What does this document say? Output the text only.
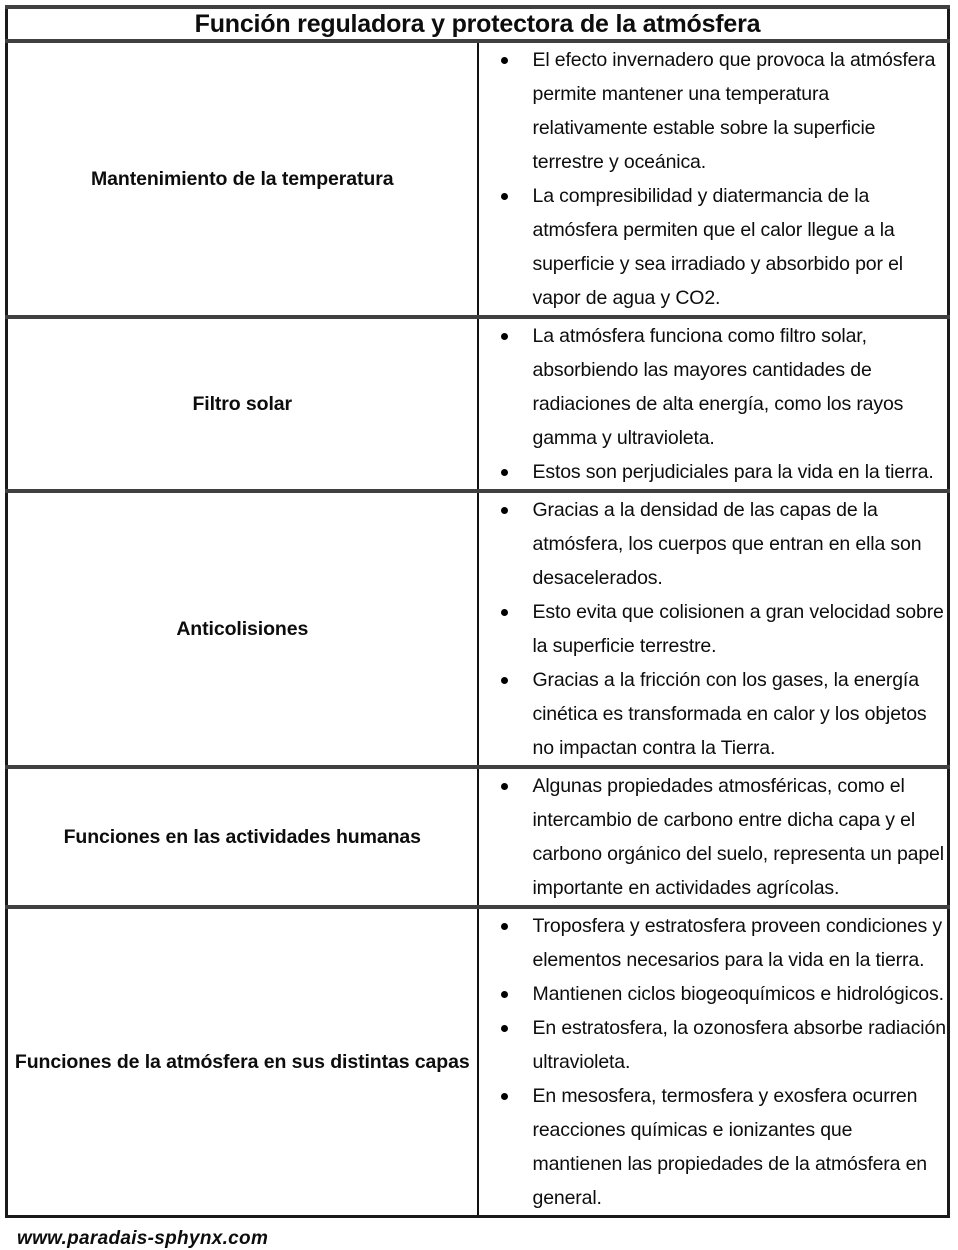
Función reguladora y protectora de la atmósfera	

Mantenimiento de la temperatura

El efecto invernadero que provoca la atmósfera permite mantener una temperatura relativamente estable sobre la superficie terrestre y oceánica.
La compresibilidad y diatermancia de la atmósfera permiten que el calor llegue a la superficie y sea irradiado y absorbido por el vapor de agua y CO2.

Filtro solar

La atmósfera funciona como filtro solar, absorbiendo las mayores cantidades de radiaciones de alta energía, como los rayos gamma y ultravioleta.
Estos son perjudiciales para la vida en la tierra.

Anticolisiones

Gracias a la densidad de las capas de la atmósfera, los cuerpos que entran en ella son desacelerados.
Esto evita que colisionen a gran velocidad sobre la superficie terrestre.
Gracias a la fricción con los gases, la energía cinética es transformada en calor y los objetos no impactan contra la Tierra.

Funciones en las actividades humanas

Algunas propiedades atmosféricas, como el intercambio de carbono entre dicha capa y el carbono orgánico del suelo, representa un papel importante en actividades agrícolas.

Funciones de la atmósfera en sus distintas capas

Troposfera y estratosfera proveen condiciones y elementos necesarios para la vida en la tierra.
Mantienen ciclos biogeoquímicos e hidrológicos.
En estratosfera, la ozonosfera absorbe radiación ultravioleta.
En mesosfera, termosfera y exosfera ocurren reacciones químicas e ionizantes que mantienen las propiedades de la atmósfera en general.
www.paradais-sphynx.com
